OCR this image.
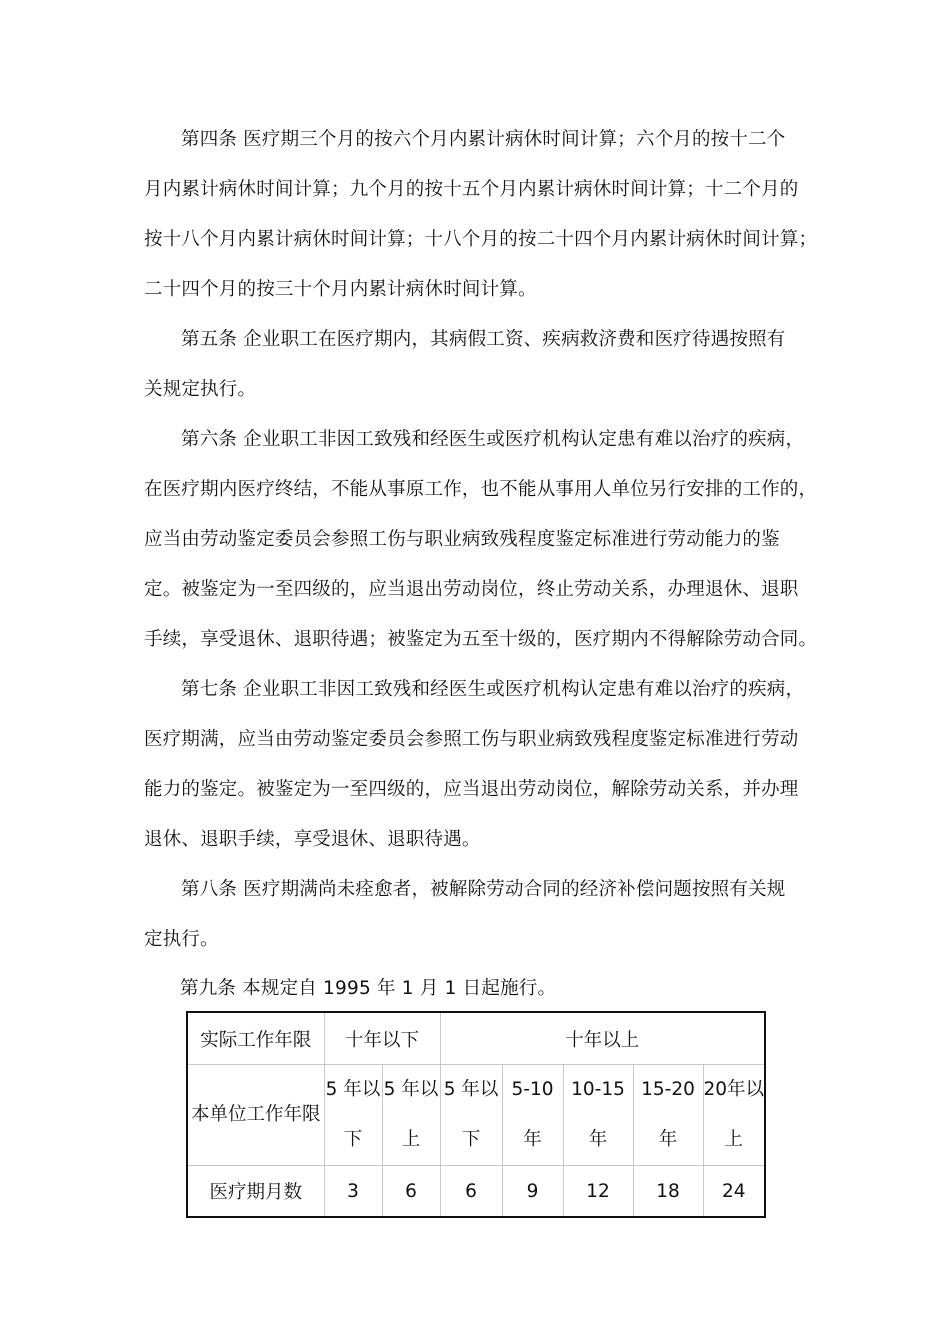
第四条 医疗期三个月的按六个月内累计病休时间计算；六个月的按十二个
月内累计病休时间计算；九个月的按十五个月内累计病休时间计算；十二个月的
按十八个月内累计病休时间计算；十八个月的按二十四个月内累计病休时间计算；
二十四个月的按三十个月内累计病休时间计算。
第五条 企业职工在医疗期内，其病假工资、疾病救济费和医疗待遇按照有
关规定执行。
第六条 企业职工非因工致残和经医生或医疗机构认定患有难以治疗的疾病，
在医疗期内医疗终结，不能从事原工作，也不能从事用人单位另行安排的工作的，
应当由劳动鉴定委员会参照工伤与职业病致残程度鉴定标准进行劳动能力的鉴
定。被鉴定为一至四级的，应当退出劳动岗位，终止劳动关系，办理退休、退职
手续，享受退休、退职待遇；被鉴定为五至十级的，医疗期内不得解除劳动合同。
第七条 企业职工非因工致残和经医生或医疗机构认定患有难以治疗的疾病，
医疗期满，应当由劳动鉴定委员会参照工伤与职业病致残程度鉴定标准进行劳动
能力的鉴定。被鉴定为一至四级的，应当退出劳动岗位，解除劳动关系，并办理
退休、退职手续，享受退休、退职待遇。
第八条 医疗期满尚未痊愈者，被解除劳动合同的经济补偿问题按照有关规
定执行。
第九条 本规定自 1995 年 1 月 1 日起施行。
实际工作年限	十年以下		十年以上				
本单位工作年限	5 年以下	5 年以上	5 年以下	5-10 年	10-15 年	15-20 年	20年以上
医疗期月数	3	6	6	9	12	18	24
